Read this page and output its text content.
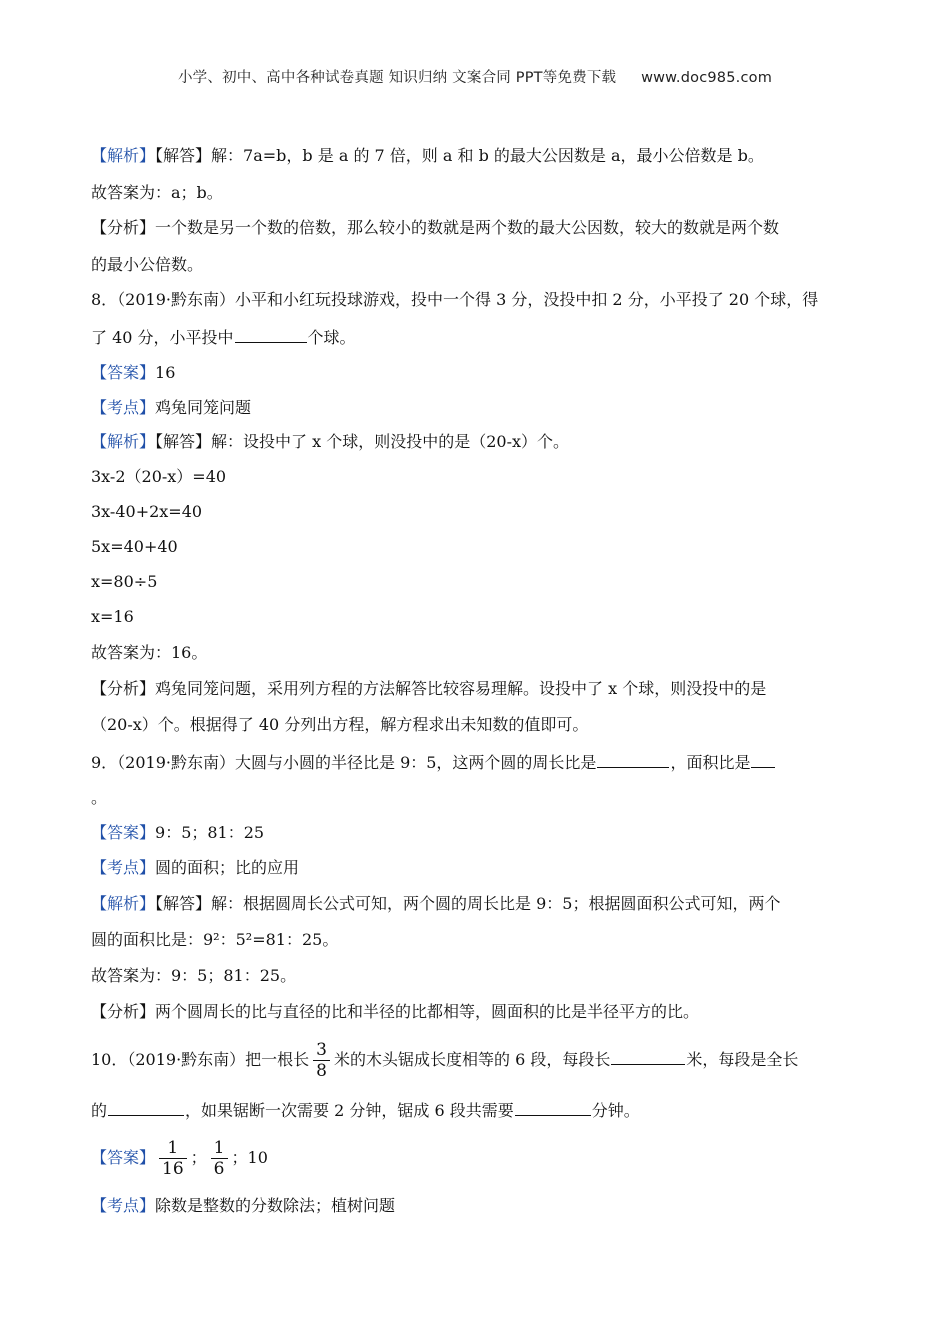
小学、初中、高中各种试卷真题 知识归纳 文案合同 PPT等免费下载 www.doc985.com
【解析】【解答】解：7a=b，b 是 a 的 7 倍，则 a 和 b 的最大公因数是 a，最小公倍数是 b。
故答案为：a；b。
【分析】一个数是另一个数的倍数，那么较小的数就是两个数的最大公因数，较大的数就是两个数
的最小公倍数。
8．（2019·黔东南）小平和小红玩投球游戏，投中一个得 3 分，没投中扣 2 分，小平投了 20 个球，得
了 40 分，小平投中	个球。
【答案】16
【考点】鸡兔同笼问题
【解析】【解答】解：设投中了 x 个球，则没投中的是（20-x）个。
3x-2（20-x）=40
3x-40+2x=40
5x=40+40
x=80÷5
x=16
故答案为：16。
【分析】鸡兔同笼问题，采用列方程的方法解答比较容易理解。设投中了 x 个球，则没投中的是
（20-x）个。根据得了 40 分列出方程，解方程求出未知数的值即可。
9．（2019·黔东南）大圆与小圆的半径比是 9：5，这两个圆的周长比是	，面积比是
。
【答案】9：5；81：25
【考点】圆的面积；比的应用
【解析】【解答】解：根据圆周长公式可知，两个圆的周长比是 9：5；根据圆面积公式可知，两个
圆的面积比是：9²：5²=81：25。
故答案为：9：5；81：25。
【分析】两个圆周长的比与直径的比和半径的比都相等，圆面积的比是半径平方的比。
10．（2019·黔东南）把一根长 $\frac{3}{8}$ 米的木头锯成长度相等的 6 段，每段长	米，每段是全长
的	，如果锯断一次需要 2 分钟，锯成 6 段共需要	分钟。
【答案】 $\frac{1}{16}$ ； $\frac{1}{6}$ ；10
【考点】除数是整数的分数除法；植树问题
